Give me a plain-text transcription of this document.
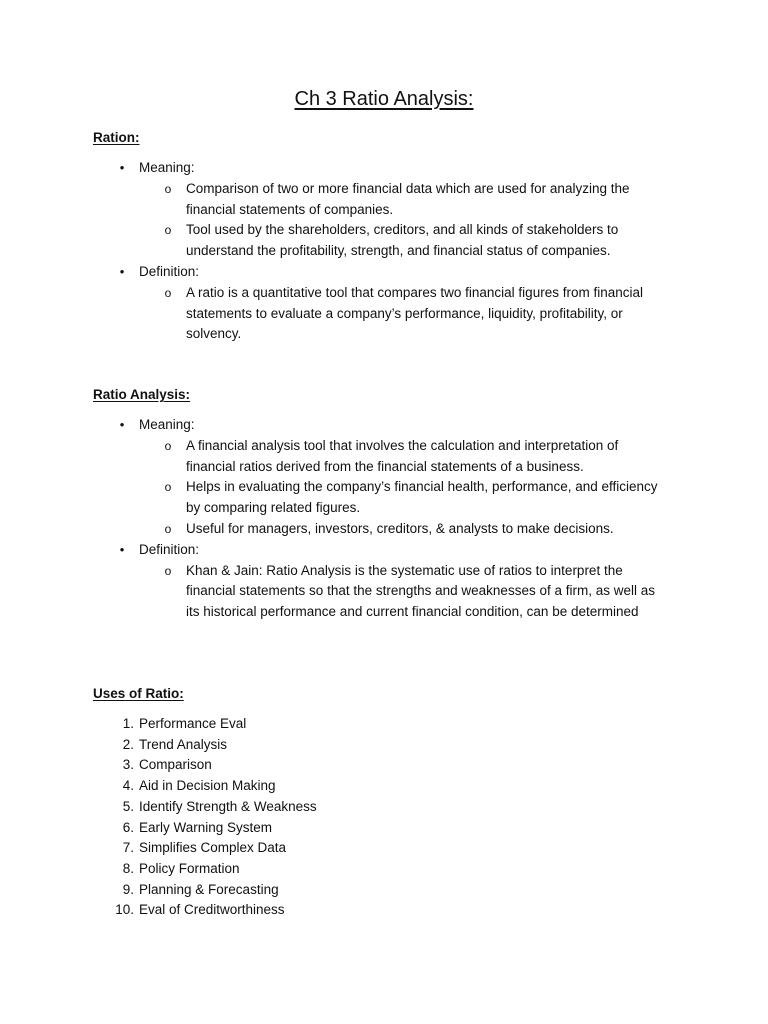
Ch 3 Ratio Analysis:

Ration:

• Meaning:
o Comparison of two or more financial data which are used for analyzing the financial statements of companies.
o Tool used by the shareholders, creditors, and all kinds of stakeholders to understand the profitability, strength, and financial status of companies.
• Definition:
o A ratio is a quantitative tool that compares two financial figures from financial statements to evaluate a company’s performance, liquidity, profitability, or solvency.

Ratio Analysis:

• Meaning:
o A financial analysis tool that involves the calculation and interpretation of financial ratios derived from the financial statements of a business.
o Helps in evaluating the company’s financial health, performance, and efficiency by comparing related figures.
o Useful for managers, investors, creditors, & analysts to make decisions.
• Definition:
o Khan & Jain: Ratio Analysis is the systematic use of ratios to interpret the financial statements so that the strengths and weaknesses of a firm, as well as its historical performance and current financial condition, can be determined

Uses of Ratio:

1. Performance Eval
2. Trend Analysis
3. Comparison
4. Aid in Decision Making
5. Identify Strength & Weakness
6. Early Warning System
7. Simplifies Complex Data
8. Policy Formation
9. Planning & Forecasting
10. Eval of Creditworthiness
